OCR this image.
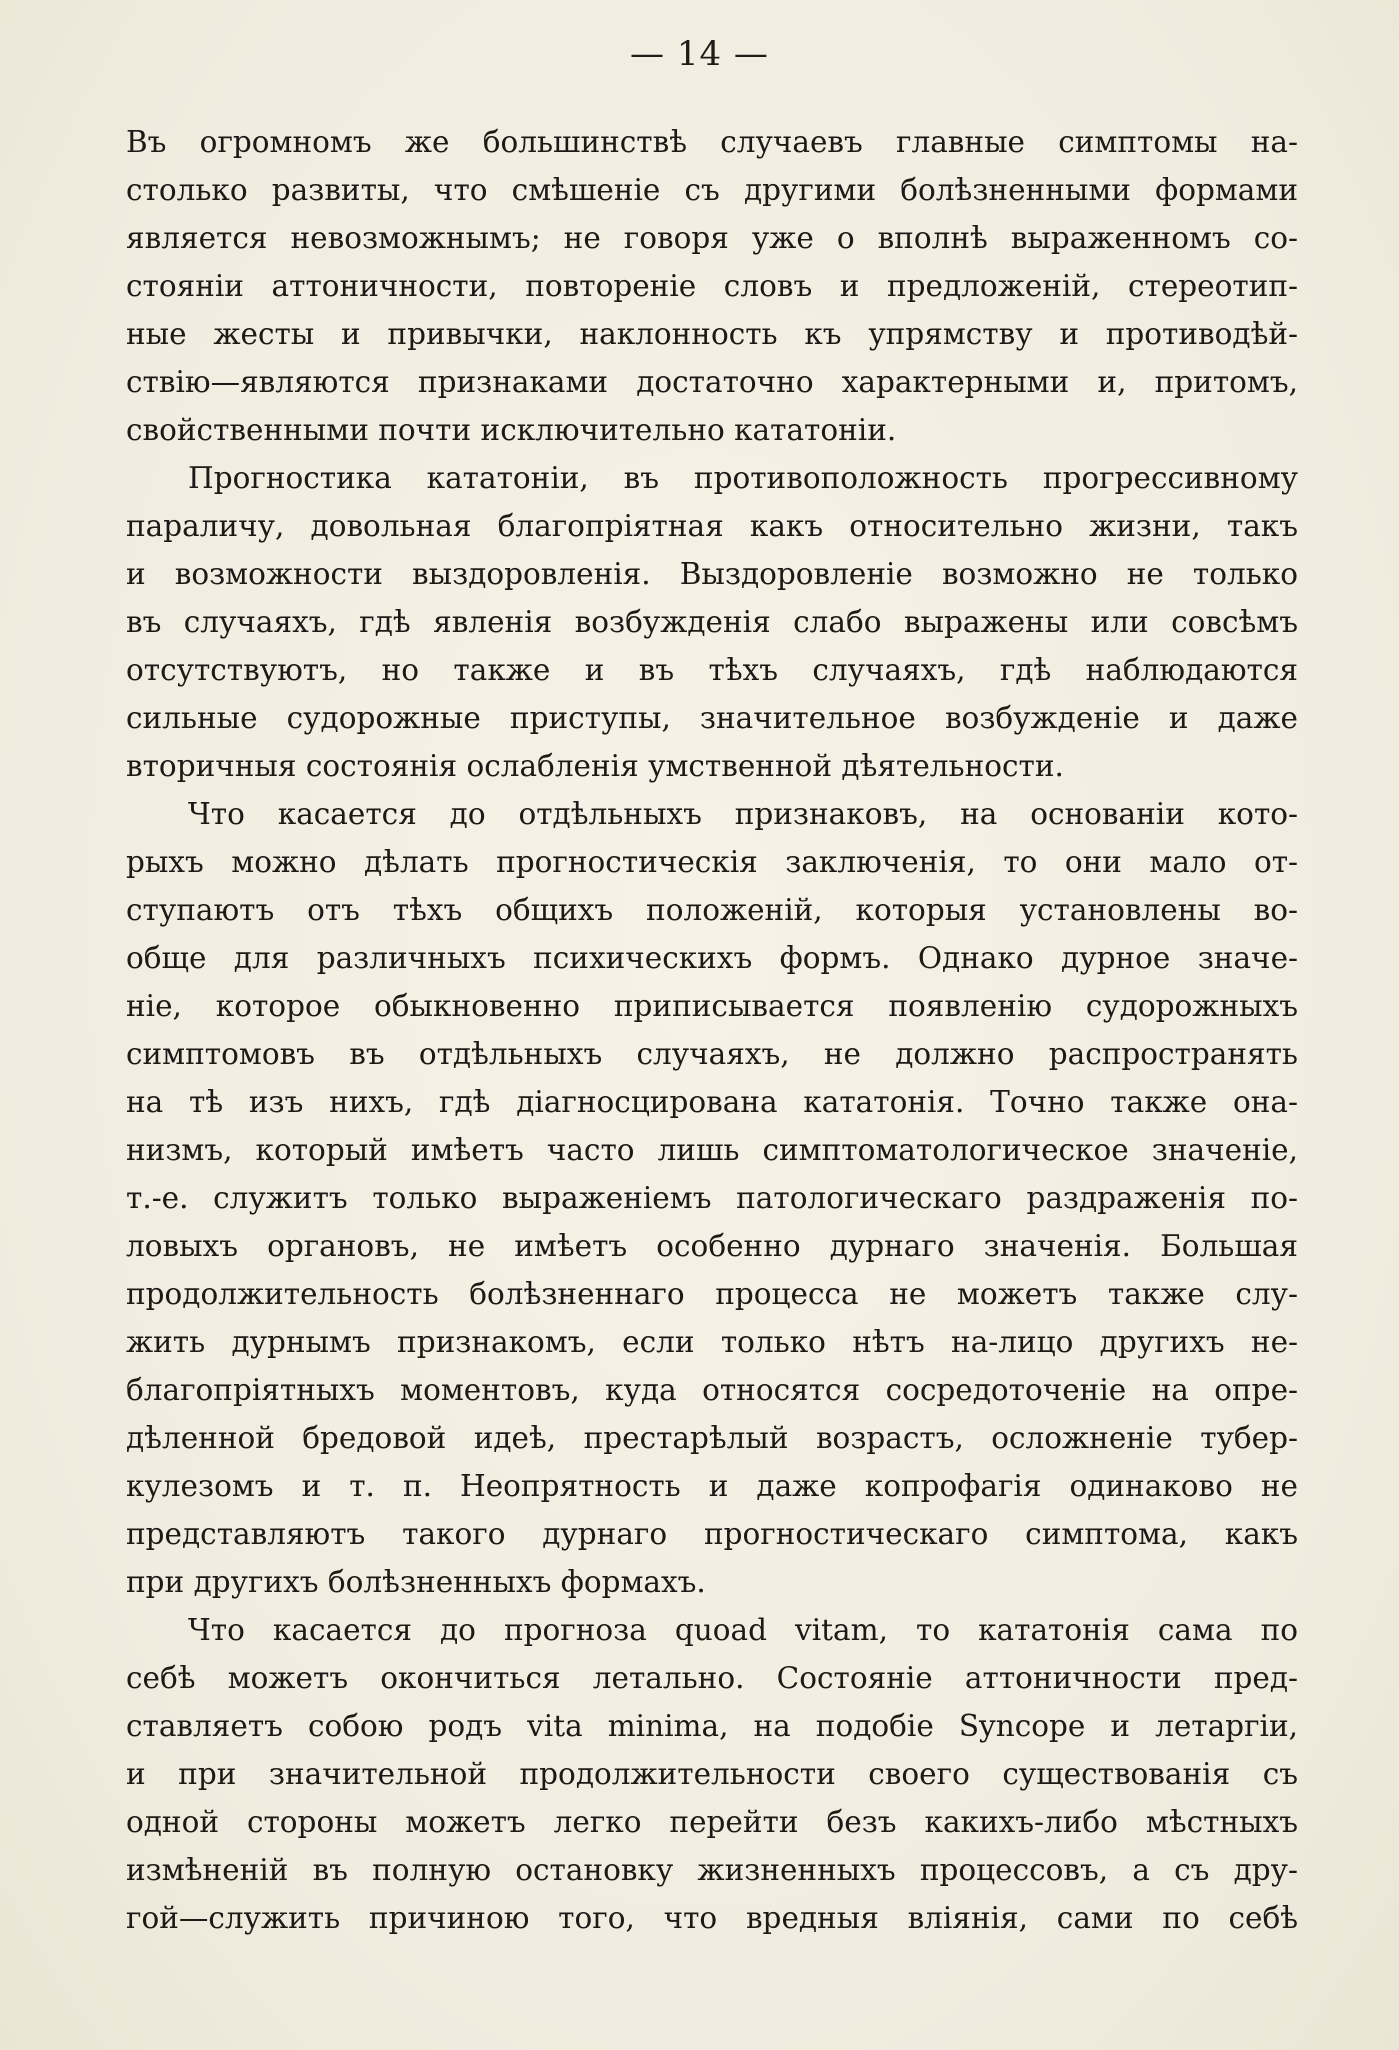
— 14 —
Въ огромномъ же большинствѣ случаевъ главные симптомы на-
столько развиты, что смѣшеніе съ другими болѣзненными формами
является невозможнымъ; не говоря уже о вполнѣ выраженномъ со-
стояніи аттоничности, повтореніе словъ и предложеній, стереотип-
ные жесты и привычки, наклонность къ упрямству и противодѣй-
ствію—являются признаками достаточно характерными и, притомъ,
свойственными почти исключительно кататоніи.
Прогностика кататоніи, въ противоположность прогрессивному
параличу, довольная благопріятная какъ относительно жизни, такъ
и возможности выздоровленія. Выздоровленіе возможно не только
въ случаяхъ, гдѣ явленія возбужденія слабо выражены или совсѣмъ
отсутствуютъ, но также и въ тѣхъ случаяхъ, гдѣ наблюдаются
сильные судорожные приступы, значительное возбужденіе и даже
вторичныя состоянія ослабленія умственной дѣятельности.
Что касается до отдѣльныхъ признаковъ, на основаніи кото-
рыхъ можно дѣлать прогностическія заключенія, то они мало от-
ступаютъ отъ тѣхъ общихъ положеній, которыя установлены во-
обще для различныхъ психическихъ формъ. Однако дурное значе-
ніе, которое обыкновенно приписывается появленію судорожныхъ
симптомовъ въ отдѣльныхъ случаяхъ, не должно распространять
на тѣ изъ нихъ, гдѣ діагносцирована кататонія. Точно также она-
низмъ, который имѣетъ часто лишь симптоматологическое значеніе,
т.-е. служитъ только выраженіемъ патологическаго раздраженія по-
ловыхъ органовъ, не имѣетъ особенно дурнаго значенія. Большая
продолжительность болѣзненнаго процесса не можетъ также слу-
жить дурнымъ признакомъ, если только нѣтъ на-лицо другихъ не-
благопріятныхъ моментовъ, куда относятся сосредоточеніе на опре-
дѣленной бредовой идеѣ, престарѣлый возрастъ, осложненіе тубер-
кулезомъ и т. п. Неопрятность и даже копрофагія одинаково не
представляютъ такого дурнаго прогностическаго симптома, какъ
при другихъ болѣзненныхъ формахъ.
Что касается до прогноза quoad vitam, то кататонія сама по
себѣ можетъ окончиться летально. Состояніе аттоничности пред-
ставляетъ собою родъ vita minima, на подобіе Syncope и летаргіи,
и при значительной продолжительности своего существованія съ
одной стороны можетъ легко перейти безъ какихъ-либо мѣстныхъ
измѣненій въ полную остановку жизненныхъ процессовъ, а съ дру-
гой—служить причиною того, что вредныя вліянія, сами по себѣ
